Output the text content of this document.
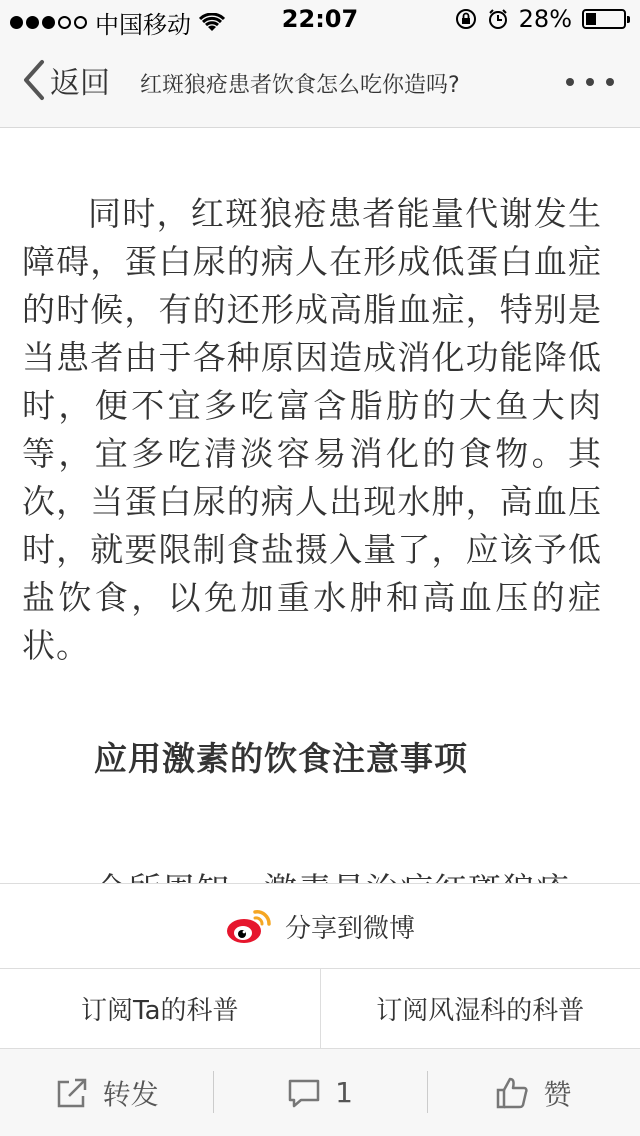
中国移动	22:07	28%
返回 红斑狼疮患者饮食怎么吃你造吗?

同时，红斑狼疮患者能量代谢发生障碍，蛋白尿的病人在形成低蛋白血症的时候，有的还形成高脂血症，特别是当患者由于各种原因造成消化功能降低时，便不宜多吃富含脂肪的大鱼大肉等，宜多吃清淡容易消化的食物。其次，当蛋白尿的病人出现水肿，高血压时，就要限制食盐摄入量了，应该予低盐饮食，以免加重水肿和高血压的症状。

应用激素的饮食注意事项
分享到微博
订阅Ta的科普	订阅风湿科的科普
转发	1	赞
